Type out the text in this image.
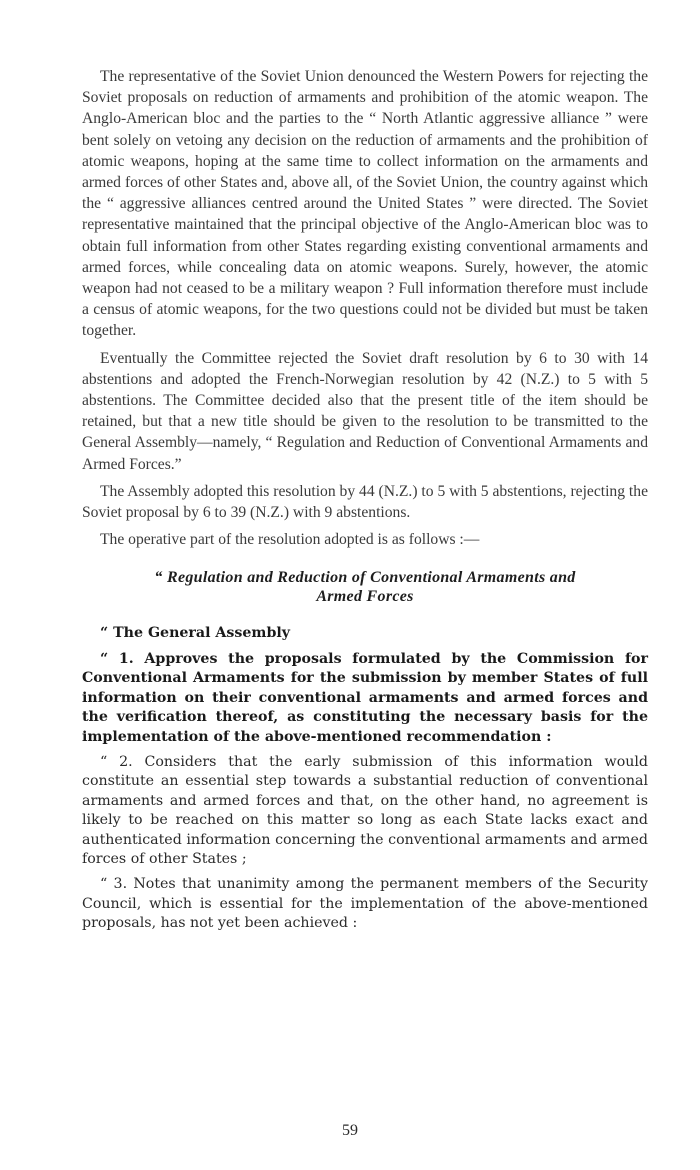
The representative of the Soviet Union denounced the Western Powers for rejecting the Soviet proposals on reduction of armaments and prohibition of the atomic weapon. The Anglo-American bloc and the parties to the “ North Atlantic aggressive alliance ” were bent solely on vetoing any decision on the reduction of armaments and the prohibition of atomic weapons, hoping at the same time to collect information on the armaments and armed forces of other States and, above all, of the Soviet Union, the country against which the “ aggressive alliances centred around the United States ” were directed. The Soviet representative maintained that the principal objective of the Anglo-American bloc was to obtain full information from other States regarding existing conventional armaments and armed forces, while concealing data on atomic weapons. Surely, however, the atomic weapon had not ceased to be a military weapon ? Full information therefore must include a census of atomic weapons, for the two questions could not be divided but must be taken together.

Eventually the Committee rejected the Soviet draft resolution by 6 to 30 with 14 abstentions and adopted the French-Norwegian resolution by 42 (N.Z.) to 5 with 5 abstentions. The Committee decided also that the present title of the item should be retained, but that a new title should be given to the resolution to be transmitted to the General Assembly—namely, “ Regulation and Reduction of Conventional Armaments and Armed Forces.”

The Assembly adopted this resolution by 44 (N.Z.) to 5 with 5 abstentions, rejecting the Soviet proposal by 6 to 39 (N.Z.) with 9 abstentions.

The operative part of the resolution adopted is as follows :—

“ Regulation and Reduction of Conventional Armaments and

Armed Forces

“ The General Assembly

“ 1. Approves the proposals formulated by the Commission for Conventional Armaments for the submission by member States of full information on their conventional armaments and armed forces and the verification thereof, as constituting the necessary basis for the implementation of the above-mentioned recommendation :

“ 2. Considers that the early submission of this information would constitute an essential step towards a substantial reduction of conventional armaments and armed forces and that, on the other hand, no agreement is likely to be reached on this matter so long as each State lacks exact and authenticated information concerning the conventional armaments and armed forces of other States ;

“ 3. Notes that unanimity among the permanent members of the Security Council, which is essential for the implementation of the above-mentioned proposals, has not yet been achieved :

59
